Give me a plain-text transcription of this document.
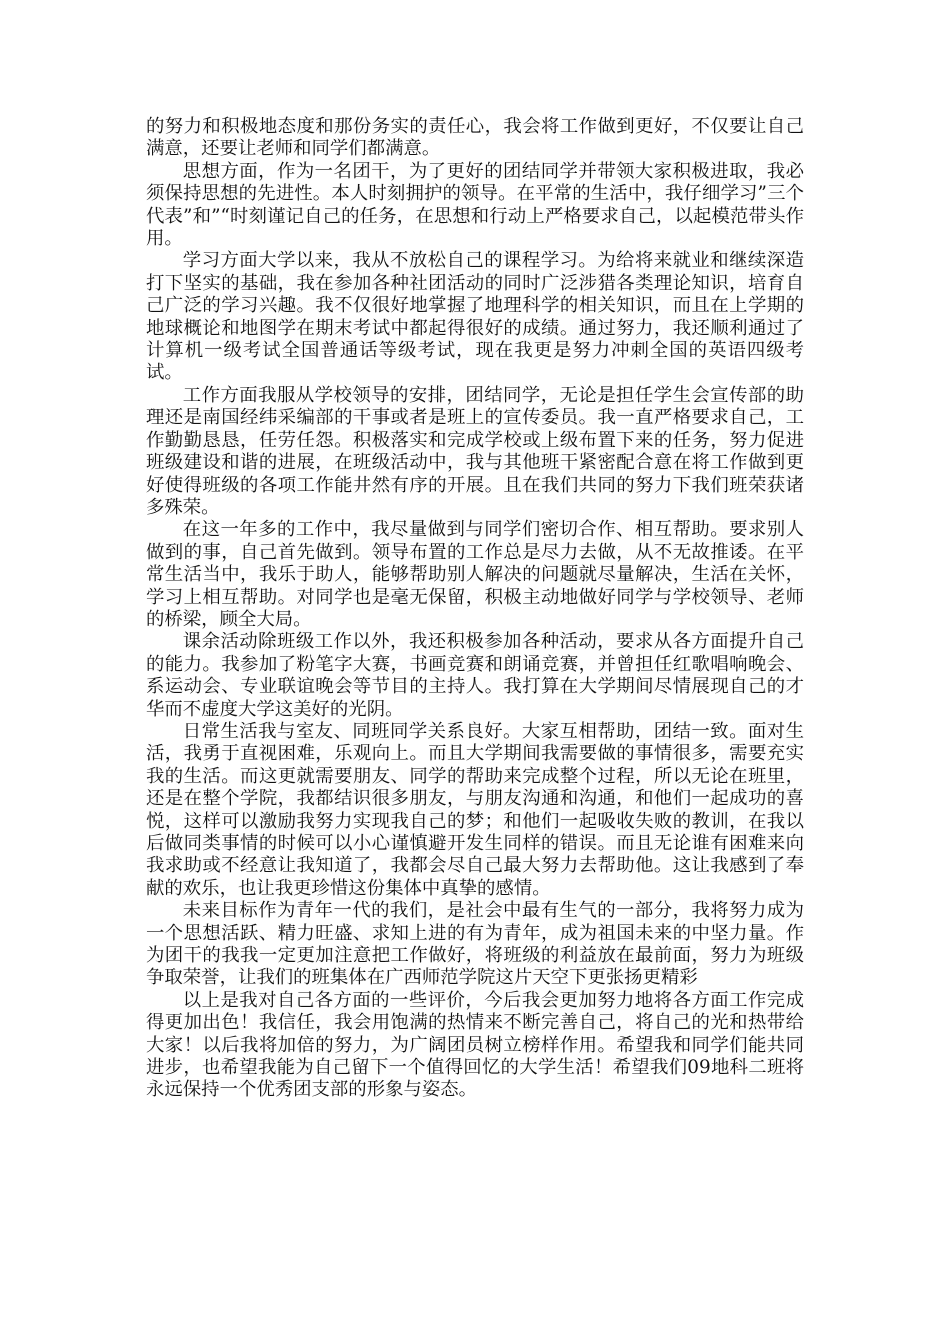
的努力和积极地态度和那份务实的责任心，我会将工作做到更好，不仅要让自己满意，还要让老师和同学们都满意。

思想方面，作为一名团干，为了更好的团结同学并带领大家积极进取，我必须保持思想的先进性。本人时刻拥护的领导。在平常的生活中，我仔细学习”三个代表”和”“时刻谨记自己的任务，在思想和行动上严格要求自己，以起模范带头作用。

学习方面大学以来，我从不放松自己的课程学习。为给将来就业和继续深造打下坚实的基础，我在参加各种社团活动的同时广泛涉猎各类理论知识，培育自己广泛的学习兴趣。我不仅很好地掌握了地理科学的相关知识，而且在上学期的地球概论和地图学在期末考试中都起得很好的成绩。通过努力，我还顺利通过了计算机一级考试全国普通话等级考试，现在我更是努力冲刺全国的英语四级考试。

工作方面我服从学校领导的安排，团结同学，无论是担任学生会宣传部的助理还是南国经纬采编部的干事或者是班上的宣传委员。我一直严格要求自己，工作勤勤恳恳，任劳任怨。积极落实和完成学校或上级布置下来的任务，努力促进班级建设和谐的进展，在班级活动中，我与其他班干紧密配合意在将工作做到更好使得班级的各项工作能井然有序的开展。且在我们共同的努力下我们班荣获诸多殊荣。

在这一年多的工作中，我尽量做到与同学们密切合作、相互帮助。要求别人做到的事，自己首先做到。领导布置的工作总是尽力去做，从不无故推诿。在平常生活当中，我乐于助人，能够帮助别人解决的问题就尽量解决，生活在关怀，学习上相互帮助。对同学也是毫无保留，积极主动地做好同学与学校领导、老师的桥梁，顾全大局。

课余活动除班级工作以外，我还积极参加各种活动，要求从各方面提升自己的能力。我参加了粉笔字大赛，书画竞赛和朗诵竞赛，并曾担任红歌唱响晚会、系运动会、专业联谊晚会等节目的主持人。我打算在大学期间尽情展现自己的才华而不虚度大学这美好的光阴。

日常生活我与室友、同班同学关系良好。大家互相帮助，团结一致。面对生活，我勇于直视困难，乐观向上。而且大学期间我需要做的事情很多，需要充实我的生活。而这更就需要朋友、同学的帮助来完成整个过程，所以无论在班里，还是在整个学院，我都结识很多朋友，与朋友沟通和沟通，和他们一起成功的喜悦，这样可以激励我努力实现我自己的梦；和他们一起吸收失败的教训，在我以后做同类事情的时候可以小心谨慎避开发生同样的错误。而且无论谁有困难来向我求助或不经意让我知道了，我都会尽自己最大努力去帮助他。这让我感到了奉献的欢乐，也让我更珍惜这份集体中真挚的感情。

未来目标作为青年一代的我们，是社会中最有生气的一部分，我将努力成为一个思想活跃、精力旺盛、求知上进的有为青年，成为祖国未来的中坚力量。作为团干的我我一定更加注意把工作做好，将班级的利益放在最前面，努力为班级争取荣誉，让我们的班集体在广西师范学院这片天空下更张扬更精彩

以上是我对自己各方面的一些评价，今后我会更加努力地将各方面工作完成得更加出色！我信任，我会用饱满的热情来不断完善自己，将自己的光和热带给大家！以后我将加倍的努力，为广阔团员树立榜样作用。希望我和同学们能共同进步，也希望我能为自己留下一个值得回忆的大学生活！希望我们09地科二班将永远保持一个优秀团支部的形象与姿态。
